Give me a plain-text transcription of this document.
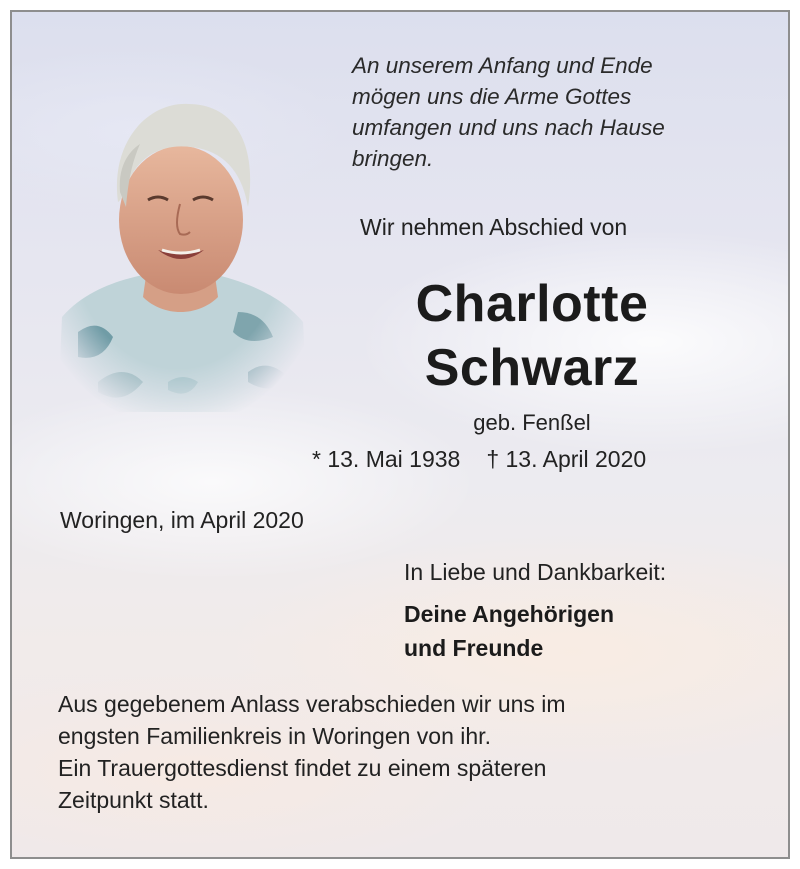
An unserem Anfang und Ende
mögen uns die Arme Gottes
umfangen und uns nach Hause
bringen.
Wir nehmen Abschied von
Charlotte
Schwarz
geb. Fenßel
* 13. Mai 1938 † 13. April 2020
Woringen, im April 2020
In Liebe und Dankbarkeit:
Deine Angehörigen
und Freunde
Aus gegebenem Anlass verabschieden wir uns im
engsten Familienkreis in Woringen von ihr.
Ein Trauergottesdienst findet zu einem späteren
Zeitpunkt statt.
